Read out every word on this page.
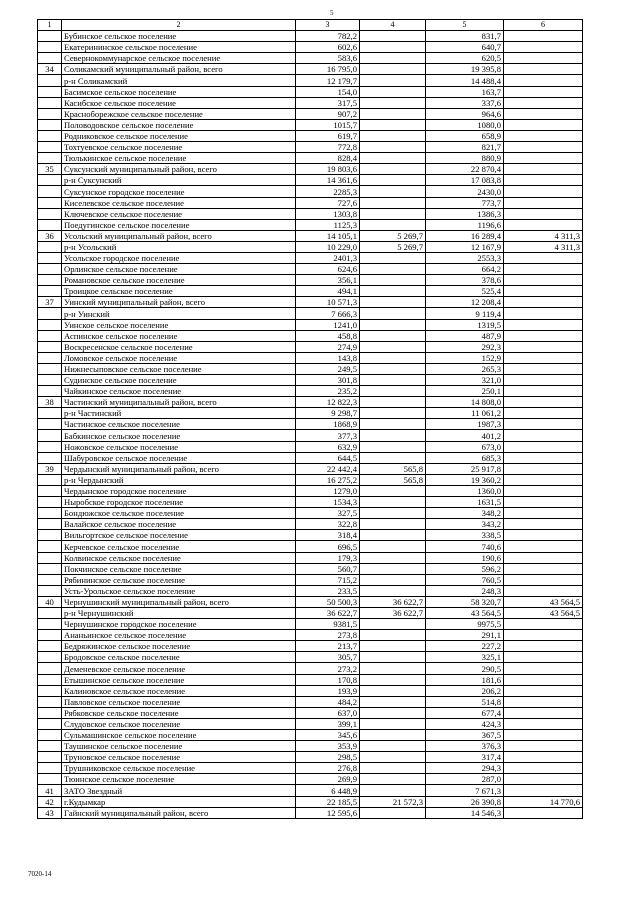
5
1	2	3	4	5	6
	Бубинское сельское поселение	782,2		831,7	
	Екатерининское сельское поселение	602,6		640,7	
	Севернокоммунарское сельское поселение	583,6		620,5	
34	Соликамский муниципальный район, всего	16 795,0		19 395,8	
	р-н Соликамский	12 179,7		14 488,4	
	Басимское сельское поселение	154,0		163,7	
	Касибское сельское поселение	317,5		337,6	
	Красноборежское сельское поселение	907,2		964,6	
	Половодовское сельское поселение	1015,7		1080,0	
	Родниковское сельское поселение	619,7		658,9	
	Тохтуевское сельское поселение	772,8		821,7	
	Тюлькинское сельское поселение	828,4		880,9	
35	Суксунский муниципальный район, всего	19 803,6		22 870,4	
	р-н Суксунский	14 361,6		17 083,8	
	Суксунское городское поселение	2285,3		2430,0	
	Киселевское сельское поселение	727,6		773,7	
	Ключевское сельское поселение	1303,8		1386,3	
	Поедугинское сельское поселение	1125,3		1196,6	
36	Усольский муниципальный район, всего	14 105,1	5 269,7	16 289,4	4 311,3
	р-н Усольский	10 229,0	5 269,7	12 167,9	4 311,3
	Усольское городское поселение	2401,3		2553,3	
	Орлинское сельское поселение	624,6		664,2	
	Романовское сельское поселение	356,1		378,6	
	Троицкое сельское поселение	494,1		525,4	
37	Уинский муниципальный район, всего	10 571,3		12 208,4	
	р-н Уинский	7 666,3		9 119,4	
	Уинское сельское поселение	1241,0		1319,5	
	Аспинское сельское поселение	458,8		487,9	
	Воскресенское сельское поселение	274,9		292,3	
	Ломовское сельское поселение	143,8		152,9	
	Нижнесыповское сельское поселение	249,5		265,3	
	Судинское сельское поселение	301,8		321,0	
	Чайкинское сельское поселение	235,2		250,1	
38	Частинский муниципальный район, всего	12 822,3		14 808,0	
	р-н Частинский	9 298,7		11 061,2	
	Частинское сельское поселение	1868,9		1987,3	
	Бабкинское сельское поселение	377,3		401,2	
	Ножовское сельское поселение	632,9		673,0	
	Шабуровское сельское поселение	644,5		685,3	
39	Чердынский муниципальный район, всего	22 442,4	565,8	25 917,8	
	р-н Чердынский	16 275,2	565,8	19 360,2	
	Чердынское городское поселение	1279,0		1360,0	
	Ныробское городское поселение	1534,3		1631,5	
	Бондюжское сельское поселение	327,5		348,2	
	Валайское сельское поселение	322,8		343,2	
	Вильгортское сельское поселение	318,4		338,5	
	Керчевское сельское поселение	696,5		740,6	
	Колвинское сельское поселение	179,3		190,6	
	Покчинское сельское поселение	560,7		596,2	
	Рябининское сельское поселение	715,2		760,5	
	Усть-Урольское сельское поселение	233,5		248,3	
40	Чернушинский муниципальный район, всего	50 500,3	36 622,7	58 320,7	43 564,5
	р-н Чернушинский	36 622,7	36 622,7	43 564,5	43 564,5
	Чернушинское городское поселение	9381,5		9975,5	
	Ананьинское сельское поселение	273,8		291,1	
	Бедряжинское сельское поселение	213,7		227,2	
	Бродовское сельское поселение	305,7		325,1	
	Деменевское сельское поселение	273,2		290,5	
	Етышинское сельское поселение	170,8		181,6	
	Калиновское сельское поселение	193,9		206,2	
	Павловское сельское поселение	484,2		514,8	
	Рябковское сельское поселение	637,0		677,4	
	Слудовское сельское поселение	399,1		424,3	
	Сульмашинское сельское поселение	345,6		367,5	
	Таушинское сельское поселение	353,9		376,3	
	Труновское сельское поселение	298,5		317,4	
	Трушниковское сельское поселение	276,8		294,3	
	Тюинское сельское поселение	269,9		287,0	
41	ЗАТО Звездный	6 448,9		7 671,3	
42	г.Кудымкар	22 185,5	21 572,3	26 390,8	14 770,6
43	Гайнский муниципальный район, всего	12 595,6		14 546,3	
7020-14
